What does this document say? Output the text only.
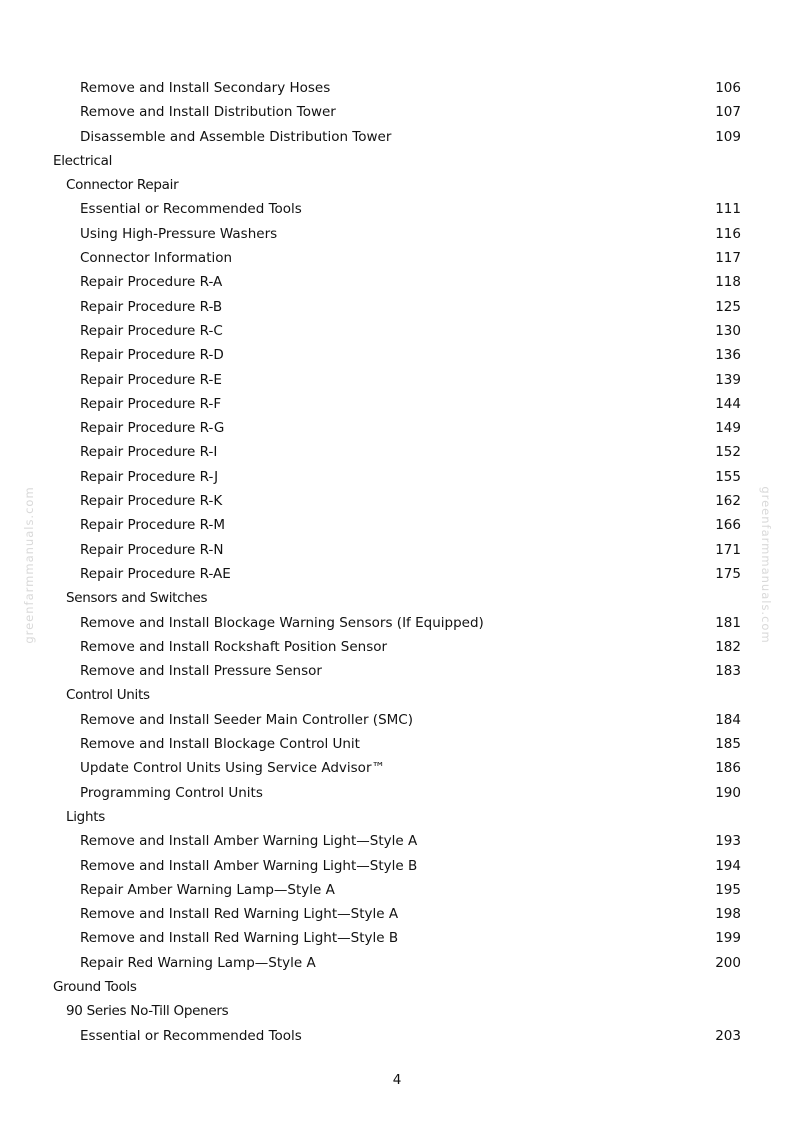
Remove and Install Secondary Hoses	106
Remove and Install Distribution Tower	107
Disassemble and Assemble Distribution Tower	109
Electrical
Connector Repair
Essential or Recommended Tools	111
Using High-Pressure Washers	116
Connector Information	117
Repair Procedure R-A	118
Repair Procedure R-B	125
Repair Procedure R-C	130
Repair Procedure R-D	136
Repair Procedure R-E	139
Repair Procedure R-F	144
Repair Procedure R-G	149
Repair Procedure R-I	152
Repair Procedure R-J	155
Repair Procedure R-K	162
Repair Procedure R-M	166
Repair Procedure R-N	171
Repair Procedure R-AE	175
Sensors and Switches
Remove and Install Blockage Warning Sensors (If Equipped)	181
Remove and Install Rockshaft Position Sensor	182
Remove and Install Pressure Sensor	183
Control Units
Remove and Install Seeder Main Controller (SMC)	184
Remove and Install Blockage Control Unit	185
Update Control Units Using Service Advisor™	186
Programming Control Units	190
Lights
Remove and Install Amber Warning Light—Style A	193
Remove and Install Amber Warning Light—Style B	194
Repair Amber Warning Lamp—Style A	195
Remove and Install Red Warning Light—Style A	198
Remove and Install Red Warning Light—Style B	199
Repair Red Warning Lamp—Style A	200
Ground Tools
90 Series No-Till Openers
Essential or Recommended Tools	203
greenfarmmanuals.com	greenfarmmanuals.com
4
